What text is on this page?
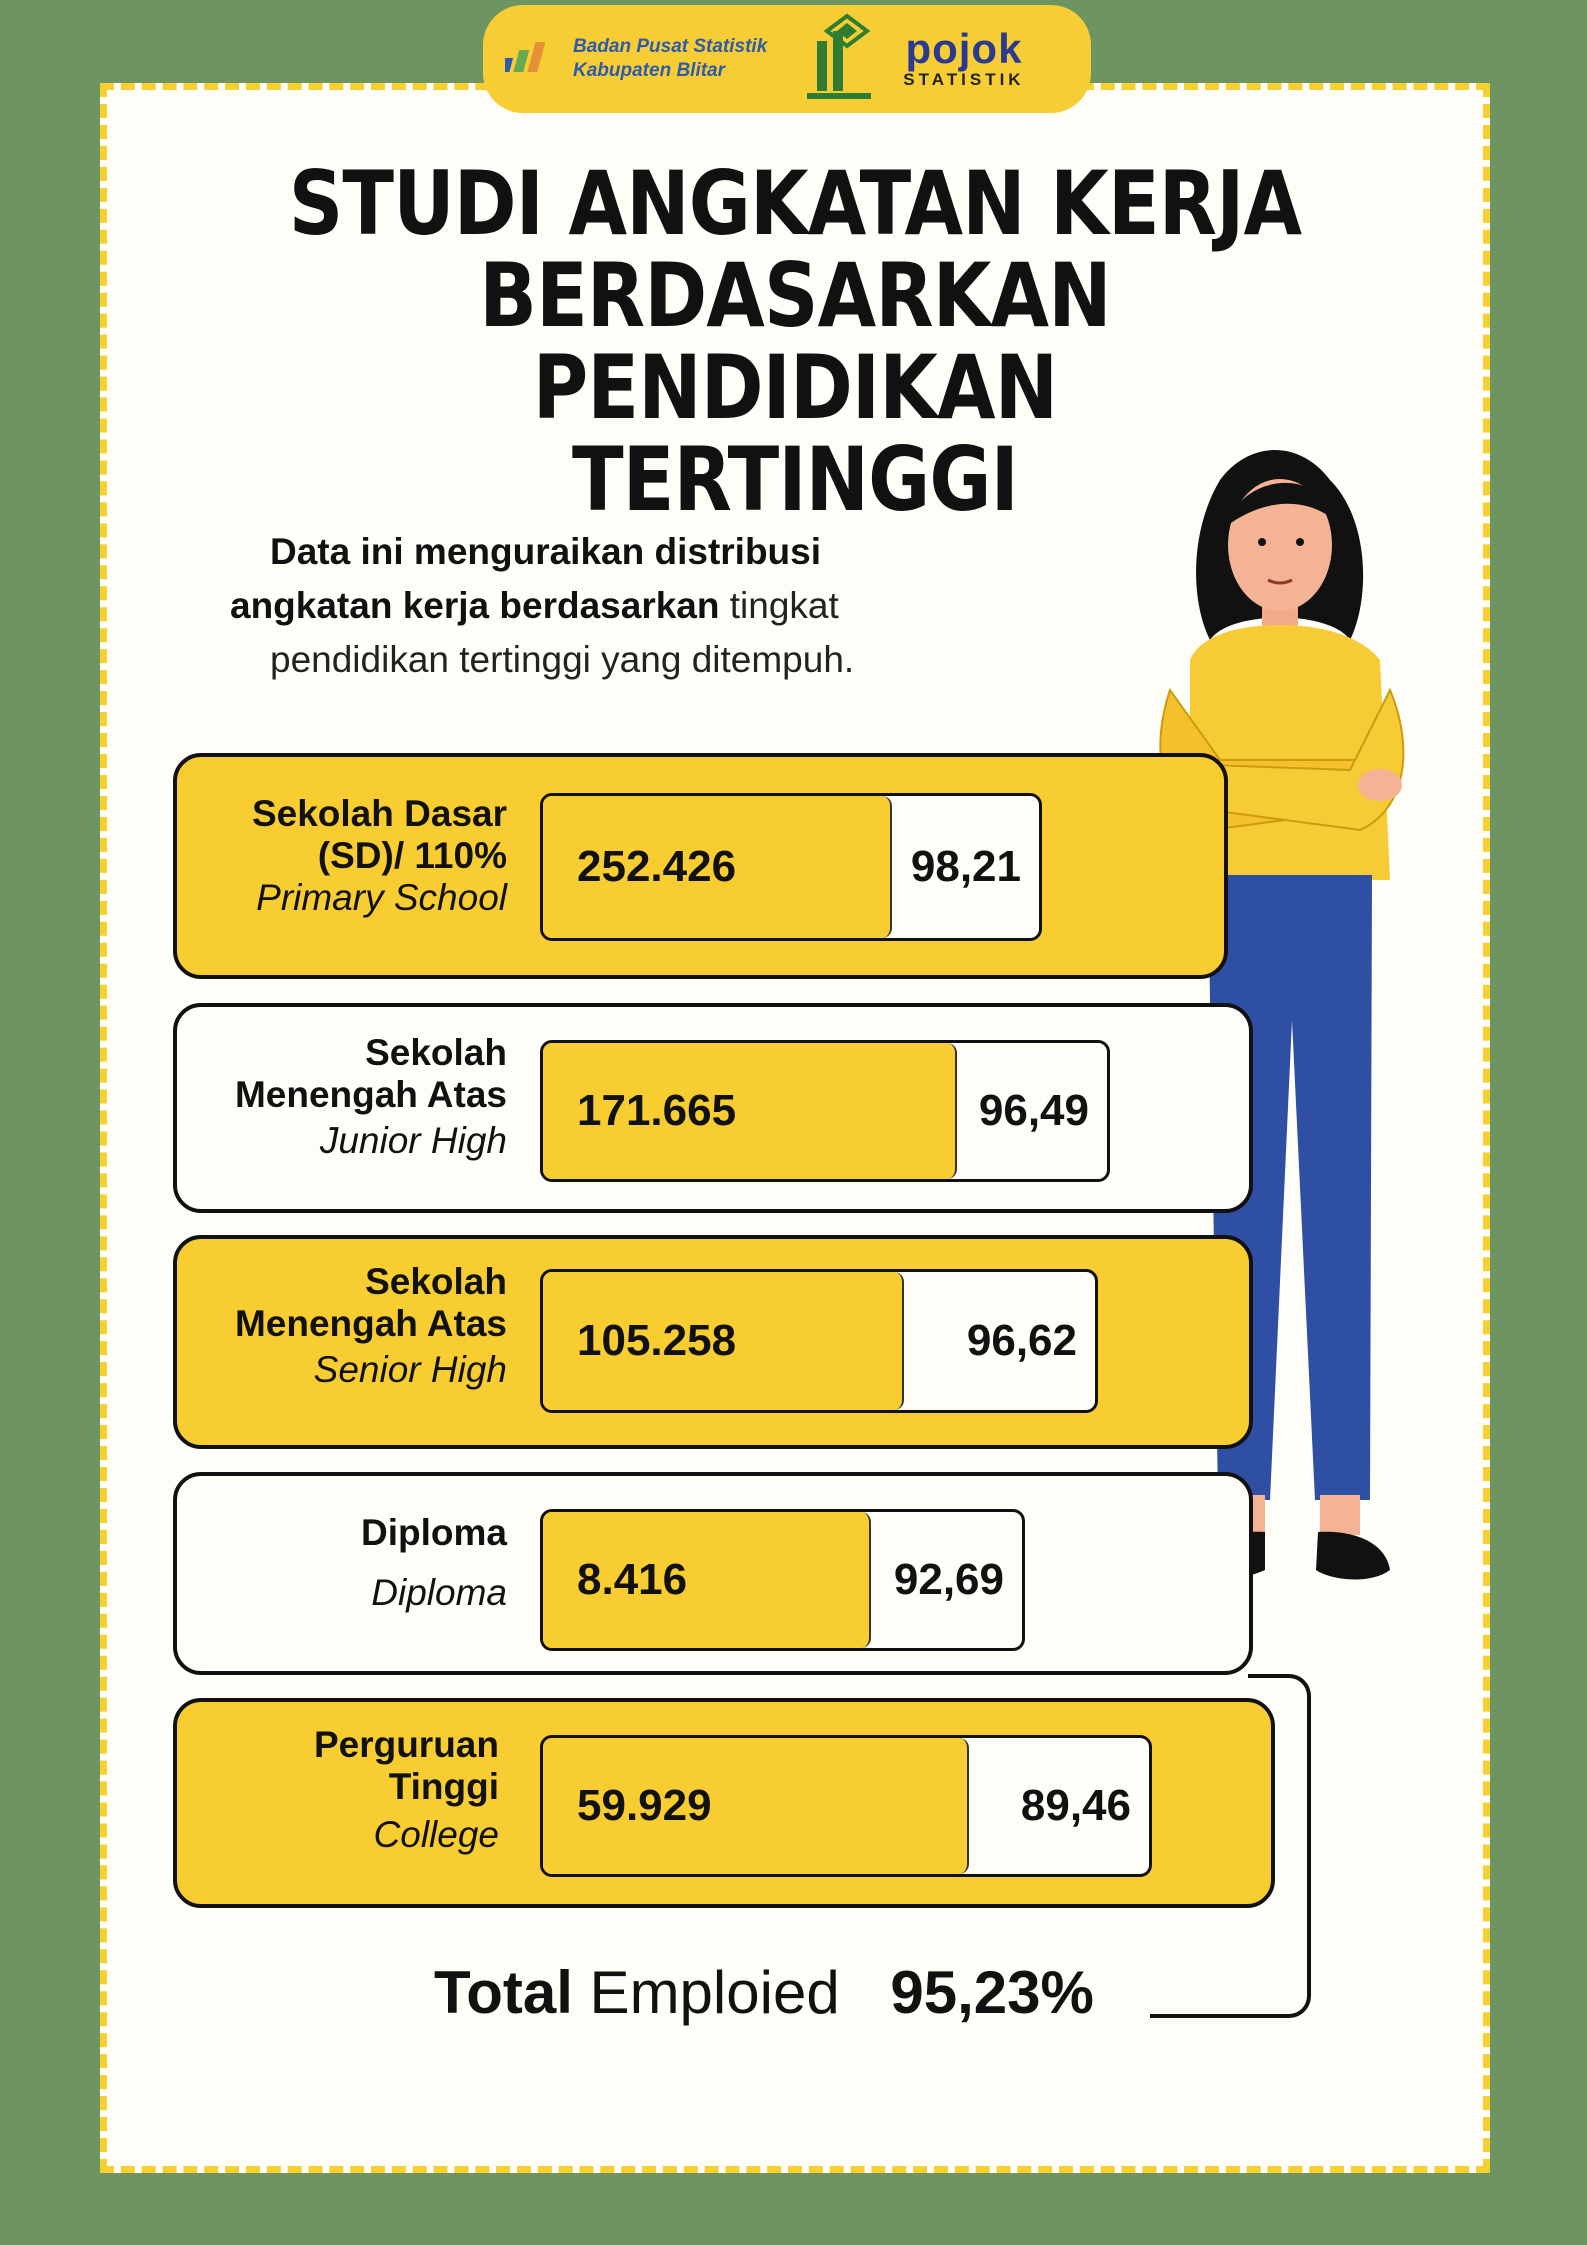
Badan Pusat Statistik
Kabupaten Blitar	pojok
STATISTIK
STUDI ANGKATAN KERJA
BERDASARKAN PENDIDIKAN
TERTINGGI
Data ini menguraikan distribusi
angkatan kerja berdasarkan tingkat
pendidikan tertinggi yang ditempuh.
Sekolah Dasar
(SD)/ 110%
Primary School
252.426	98,21
Sekolah
Menengah Atas
Junior High
171.665	96,49
Sekolah
Menengah Atas
Senior High
105.258	96,62
Diploma
Diploma 8.416	92,69
Perguruan
Tinggi
College
59.929	89,46
Total Emploied 95,23%
